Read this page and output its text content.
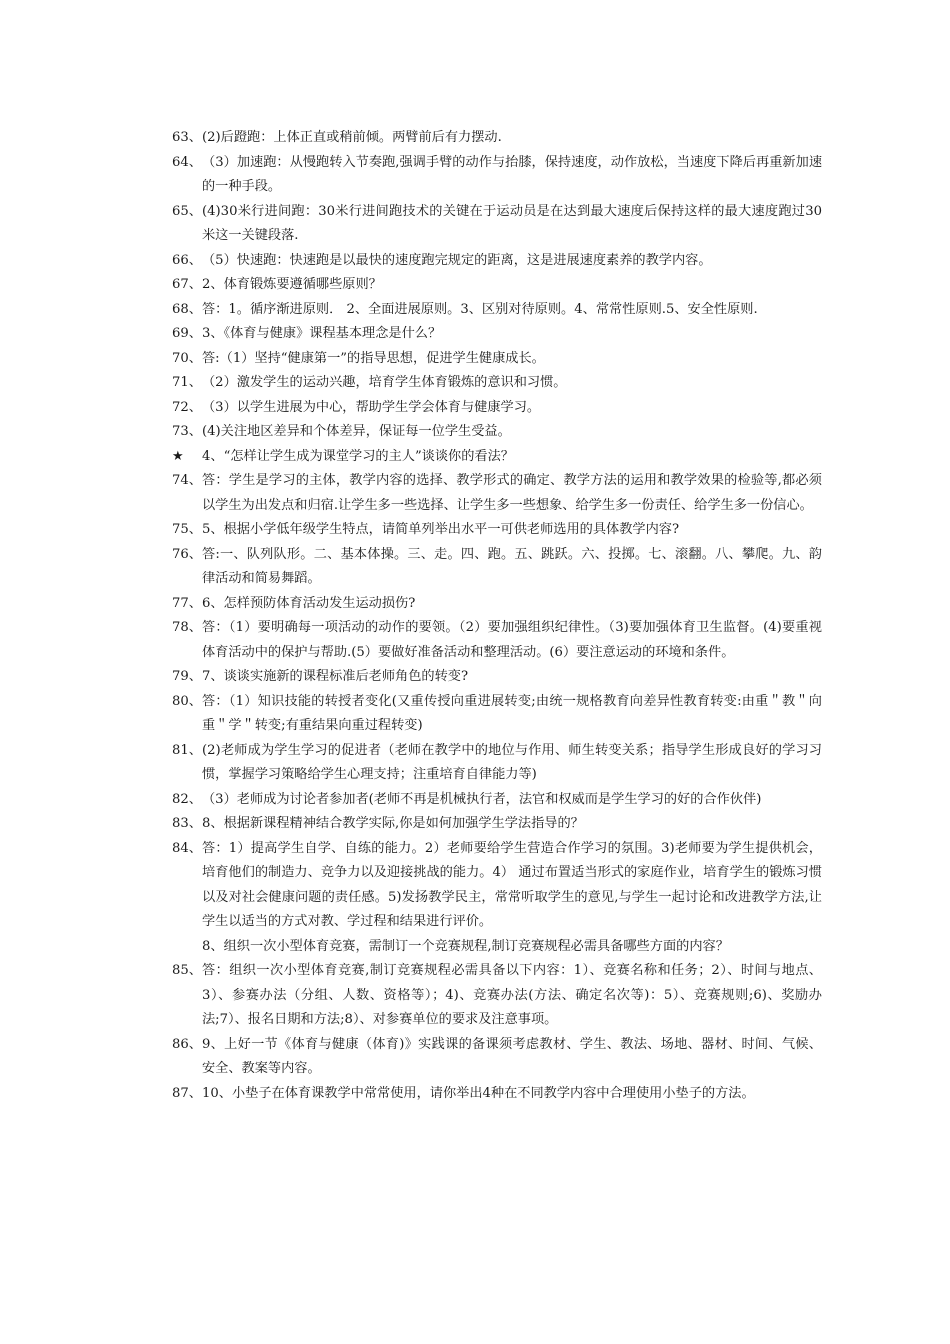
63、 (2)后蹬跑：上体正直或稍前倾。两臂前后有力摆动.
64、 （3）加速跑：从慢跑转入节奏跑,强调手臂的动作与抬膝，保持速度，动作放松，当速度下降后再重新加速的一种手段。
65、 (4)30米行进间跑：30米行进间跑技术的关键在于运动员是在达到最大速度后保持这样的最大速度跑过30米这一关键段落.
66、 （5）快速跑：快速跑是以最快的速度跑完规定的距离，这是进展速度素养的教学内容。
67、 2、体育锻炼要遵循哪些原则？
68、 答：1。循序渐进原则． 2、全面进展原则。3、区别对待原则。4、常常性原则.5、安全性原则.
69、 3、《体育与健康》课程基本理念是什么？
70、 答:（1）坚持“健康第一”的指导思想，促进学生健康成长。
71、 （2）激发学生的运动兴趣，培育学生体育锻炼的意识和习惯。
72、 （3）以学生进展为中心，帮助学生学会体育与健康学习。
73、 (4)关注地区差异和个体差异，保证每一位学生受益。
★	4、“怎样让学生成为课堂学习的主人”谈谈你的看法？
74、 答：学生是学习的主体，教学内容的选择、教学形式的确定、教学方法的运用和教学效果的检验等,都必须以学生为出发点和归宿.让学生多一些选择、让学生多一些想象、给学生多一份责任、给学生多一份信心。
75、 5、根据小学低年级学生特点，请简单列举出水平一可供老师选用的具体教学内容?
76、 答:一、队列队形。二、基本体操。三、走。四、跑。五、跳跃。六、投掷。七、滚翻。八、攀爬。九、韵律活动和简易舞蹈。
77、 6、怎样预防体育活动发生运动损伤?
78、 答：（1）要明确每一项活动的动作的要领。（2）要加强组织纪律性。（3)要加强体育卫生监督。(4)要重视体育活动中的保护与帮助.(5）要做好准备活动和整理活动。(6）要注意运动的环境和条件。
79、 7、谈谈实施新的课程标准后老师角色的转变?
80、 答：（1）知识技能的转授者变化(又重传授向重进展转变;由统一规格教育向差异性教育转变:由重＂教＂向重＂学＂转变;有重结果向重过程转变)
81、 (2)老师成为学生学习的促进者（老师在教学中的地位与作用、师生转变关系；指导学生形成良好的学习习惯，掌握学习策略给学生心理支持；注重培育自律能力等)
82、 （3）老师成为讨论者参加者(老师不再是机械执行者，法官和权威而是学生学习的好的合作伙伴)
83、 8、根据新课程精神结合教学实际,你是如何加强学生学法指导的？
84、 答：1）提高学生自学、自练的能力。2）老师要给学生营造合作学习的氛围。3)老师要为学生提供机会，培育他们的制造力、竞争力以及迎接挑战的能力。4） 通过布置适当形式的家庭作业，培育学生的锻炼习惯以及对社会健康问题的责任感。5)发扬教学民主，常常听取学生的意见,与学生一起讨论和改进教学方法,让 学生以适当的方式对教、学过程和结果进行评价。
8、组织一次小型体育竞赛，需制订一个竞赛规程,制订竞赛规程必需具备哪些方面的内容？
85、 答：组织一次小型体育竞赛,制订竞赛规程必需具备以下内容：1）、竞赛名称和任务；2）、时间与地点、3）、参赛办法（分组、人数、资格等）；4)、竞赛办法(方法、确定名次等)：5）、竞赛规则;6)、奖励办法;7）、报名日期和方法;8）、对参赛单位的要求及注意事项。
86、 9、上好一节《体育与健康（体育)》实践课的备课须考虑教材、学生、教法、场地、器材、时间、气候、安全、教案等内容。
87、 10、小垫子在体育课教学中常常使用，请你举出4种在不同教学内容中合理使用小垫子的方法。
